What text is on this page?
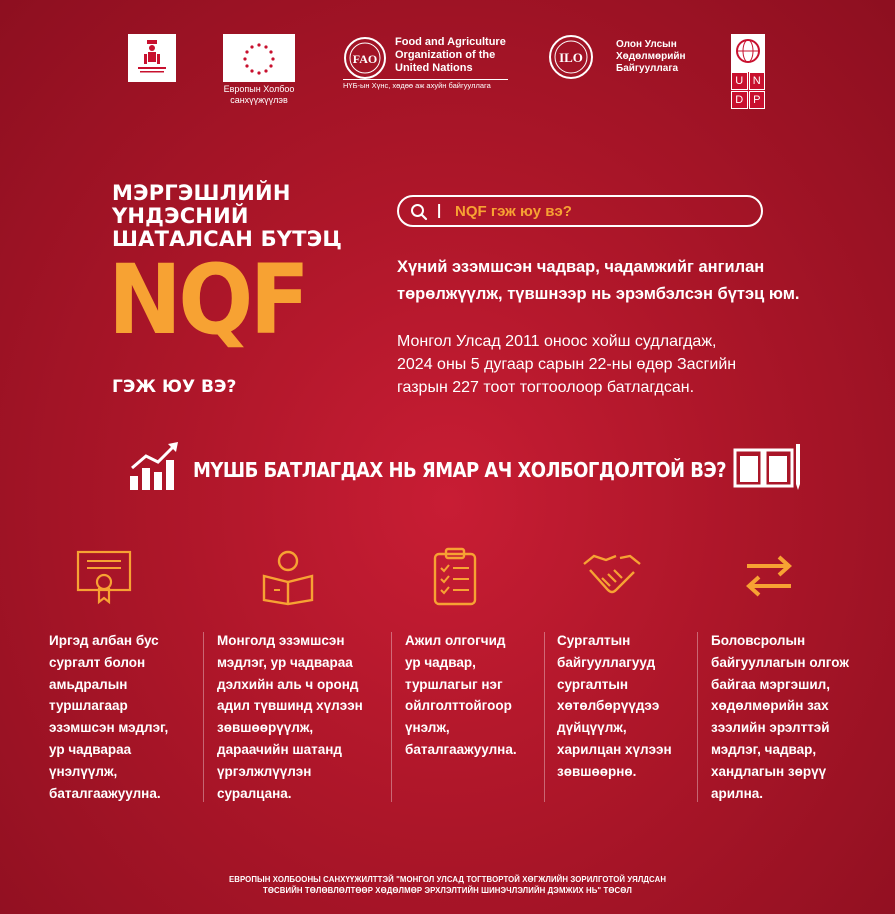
Европын Холбоо
санхүүжүүлэв
FAO
Food and Agriculture
Organization of the
United Nations
НҮБ-ын Хүнс, хөдөө аж ахуйн байгууллага
ILO
Олон Улсын
Хөдөлмөрийн
Байгууллага
U N
D P
МЭРГЭШЛИЙН
ҮНДЭСНИЙ
ШАТАЛСАН БҮТЭЦ
NQF
ГЭЖ ЮУ ВЭ?
| NQF гэж юу вэ?
Хүний эзэмшсэн чадвар, чадамжийг ангилан
төрөлжүүлж, түвшнээр нь эрэмбэлсэн бүтэц юм.
Монгол Улсад 2011 оноос хойш судлагдаж,
2024 оны 5 дугаар сарын 22-ны өдөр Засгийн
газрын 227 тоот тогтоолоор батлагдсан.
МҮШБ БАТЛАГДАХ НЬ ЯМАР АЧ ХОЛБОГДОЛТОЙ ВЭ?
Иргэд албан бус
сургалт болон
амьдралын
туршлагаар
эзэмшсэн мэдлэг,
ур чадвараа
үнэлүүлж,
баталгаажуулна.
Монголд эзэмшсэн
мэдлэг, ур чадвараа
дэлхийн аль ч оронд
адил түвшинд хүлээн
зөвшөөрүүлж,
дараачийн шатанд
үргэлжлүүлэн
суралцана.
Ажил олгогчид
ур чадвар,
туршлагыг нэг
ойлголттойгоор
үнэлж,
баталгаажуулна.
Сургалтын
байгууллагууд
сургалтын
хөтөлбөрүүдээ
дүйцүүлж,
харилцан хүлээн
зөвшөөрнө.
Боловсролын
байгууллагын олгож
байгаа мэргэшил,
хөдөлмөрийн зах
зээлийн эрэлттэй
мэдлэг, чадвар,
хандлагын зөрүү
арилна.
ЕВРОПЫН ХОЛБООНЫ САНХҮҮЖИЛТТЭЙ "МОНГОЛ УЛСАД ТОГТВОРТОЙ ХӨГЖЛИЙН ЗОРИЛГОТОЙ УЯЛДСАН
ТӨСВИЙН ТӨЛӨВЛӨЛТӨӨР ХӨДӨЛМӨР ЭРХЛЭЛТИЙН ШИНЭЧЛЭЛИЙН ДЭМЖИХ НЬ" ТӨСӨЛ
